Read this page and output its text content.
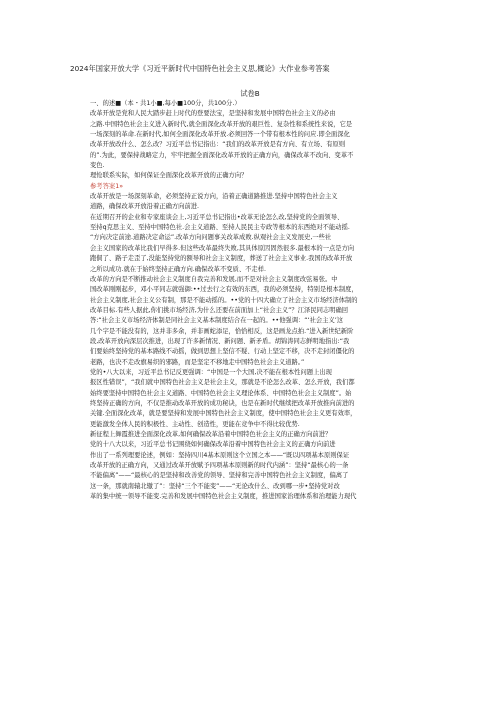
2024年国家开放大学《习近平新时代中国特色社会主义思,概论》大作业参考答案
试卷B
一、的述■（本・共1小■,每小■100分，共100分.）
改革开放是党和人民大踏步赶上时代的登要法宝，是坚持和发展中国特色社会主义的必由
之路.中国特色社会主义进入新时代,就全面深化改革开放的艰巨性、复杂性和系统性来说，它是
一场深刻的革命.在新时代,如何全面深化改革开放.必须回答一个带有根本性的问应.即全面深化
改革开放改什么、怎么改？习近平总书记指出：“我们的改革开放是有方向、有立场、有原则
的”.为此，要保持战略定力，牢牢把握全面深化改革开放的正确方向，确保改革不改向、变革不
变色.
理怆联系实际，如何保证全面深化改革开放的正确方向？
参考答案1»
改革开放是一场深刻革命，必须坚持正说方向，沿着正确道路推进.坚持中国特色社会主义
道路，确保改革开放沿着正确方向前进.
在近期召开的企业和专家座谈会上,习近平总书记指出•改革无论怎么改,坚持党的全面领导、
至持q克思主义、至持中国特色社.会主义道路、至持人民民主专政等根本的东西绝对不能动摇.
“方向决定前途.道路决定命运”.改革方向问题事关改革成败.纵观社会主义发展史,一些社
会主义国家的改革比我们早得多.但这些改革最终失败,其具体原因固然很多.最根本的一点是方向
跑侗了、路子走歪了,没能坚持党的额导和社会主义制度，葬送了社会主义事业.我国的改革开放
之所以成功.就在于始终坚持正确方向.确保改革不变质、不走样.
改革的方向是不断推动社会主义制度自我完善和发展,而不是对社会主义制度改弦易张。中
国改革刚刚起步，邓小平同志就强御:••过去行之有效的东西，我的必须坚持，特别是根本制度，
社会主义制度,社会主义公有制，那是不能动摇的。••党的十四大确立了社会主义市场经济体制的
改革目标.有些人据此,你们挑市场经济,为什么还要在前面加上“社会主义”？江泽民同志明确回
答:“社会主义市场经济体制是同社会主义基本制度结合在一起的。••他强调：“‘社会主义’这
几个字是不能没有的，这并非多余，并非画蛇添足，恰恰相反，这是画龙点拍.“进入新世纪新阶
段,改革开放向深层次推进，出现了许多新情况、新问题、新矛盾。胡锦涛同志鲜明地指出:“我
们要始终坚持党的基本路线不动摇，做到思想上坚信不疑、行动上坚定不移，决不走封闭僵化的
老路，也决不走改旗易织的邪路，而是坚定不移地走中国特色社会主义道路。”
党的•八大以来，习近平总书记反更强调：“中国是一个大国,决不能在根本性问题上出现
报区性错误”，“我们就中国特色社会主义是社会主义，那就是不论怎么改革、怎么开放，我们都
始终要坚持中国特色社会主义道路、中国特色社会主义理论体系、中国特色社会主义制度”。始
终坚持正确的方向，不仅是推动改革开放的成功秘诀，也是在新时代继续把改革开放推向前进的
关键.全面深化改革，就是要坚持和发展中国特色社会主义制度，使中国特色社会主义更有效率，
更能激发全体人民的积极性、主动性、创造性，更能在竞争中不得比较优势.
新征程上舞霞推进全面深化改革,如何确保改革沿着中国特色社会主义的正确方向前进？
党的十八大以来，习近平总书记围绕如何确保改革沿着中国特色社会主义的正确方向前进
作出了一系列理要论述，例如：坚持四川4基本原则这个立国之本——“既以四项基本原则保证
改革开放的正确方向，又通过改革开放赋予四项基本原则新的时代内涵”：坚持“最核心的一条
不能偏离”——“最核心的是坚持和改善党的领导、坚持和完善中国特色社会主义制度，偏离了
这一条，那就南辕北辙了”：坚持“三个不能变”——“无论改什么、改到哪一步•坚持党对改
革的集中统一领导不能变.完善和发展中国特色社会主义制度，推进国家治理体系和治理能力现代
